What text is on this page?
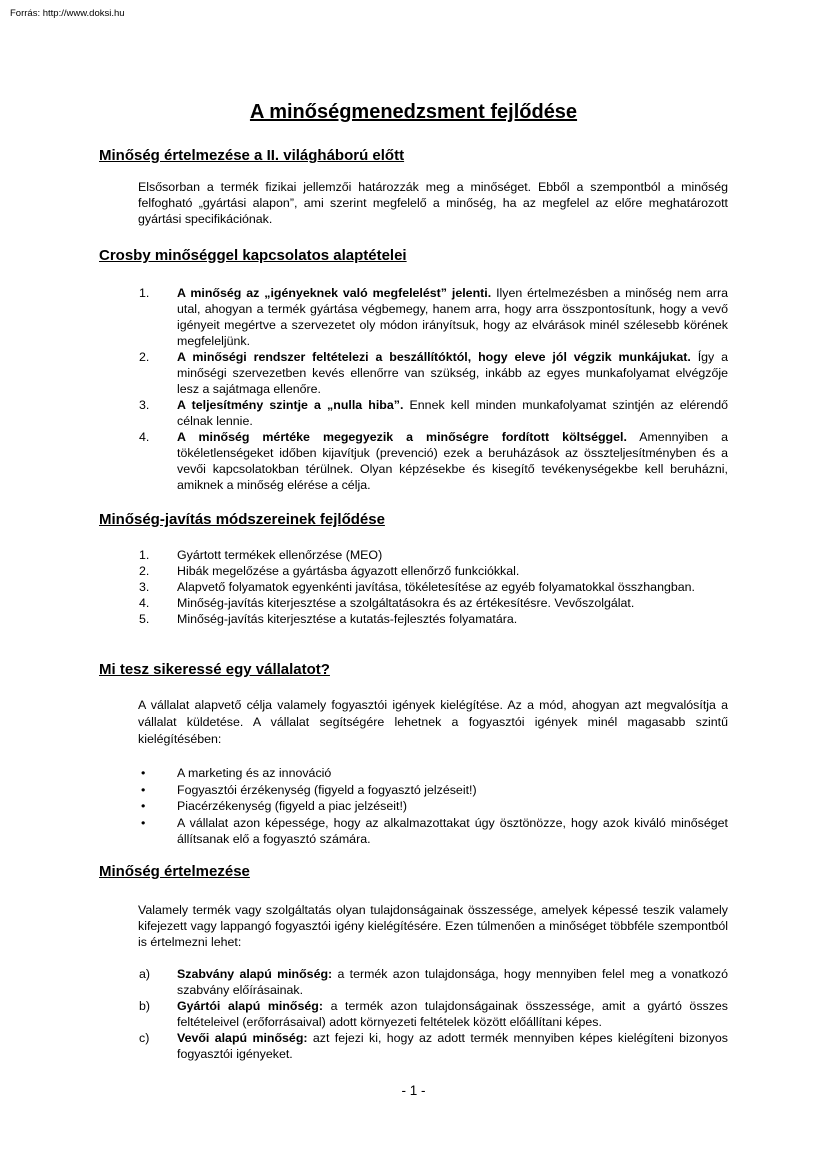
Forrás: http://www.doksi.hu
A minőségmenedzsment fejlődése
Minőség értelmezése a II. világháború előtt

Elsősorban a termék fizikai jellemzői határozzák meg a minőséget. Ebből a szempontból a minőség felfogható „gyártási alapon”, ami szerint megfelelő a minőség, ha az megfelel az előre meghatározott gyártási specifikációnak.

Crosby minőséggel kapcsolatos alaptételei
1. A minőség az „igényeknek való megfelelést” jelenti. Ilyen értelmezésben a minőség nem arra utal, ahogyan a termék gyártása végbemegy, hanem arra, hogy arra összpontosítunk, hogy a vevő igényeit megértve a szervezetet oly módon irányítsuk, hogy az elvárások minél szélesebb körének megfeleljünk.
2. A minőségi rendszer feltételezi a beszállítóktól, hogy eleve jól végzik munkájukat. Így a minőségi szervezetben kevés ellenőrre van szükség, inkább az egyes munkafolyamat elvégzője lesz a sajátmaga ellenőre.
3. A teljesítmény szintje a „nulla hiba”. Ennek kell minden munkafolyamat szintjén az elérendő célnak lennie.
4. A minőség mértéke megegyezik a minőségre fordított költséggel. Amennyiben a tökéletlenségeket időben kijavítjuk (prevenció) ezek a beruházások az összteljesítményben és a vevői kapcsolatokban térülnek. Olyan képzésekbe és kisegítő tevékenységekbe kell beruházni, amiknek a minőség elérése a célja.
Minőség-javítás módszereinek fejlődése
1. Gyártott termékek ellenőrzése (MEO)
2. Hibák megelőzése a gyártásba ágyazott ellenőrző funkciókkal.
3. Alapvető folyamatok egyenkénti javítása, tökéletesítése az egyéb folyamatokkal összhangban.
4. Minőség-javítás kiterjesztése a szolgáltatásokra és az értékesítésre. Vevőszolgálat.
5. Minőség-javítás kiterjesztése a kutatás-fejlesztés folyamatára.
Mi tesz sikeressé egy vállalatot?

A vállalat alapvető célja valamely fogyasztói igények kielégítése. Az a mód, ahogyan azt megvalósítja a vállalat küldetése. A vállalat segítségére lehetnek a fogyasztói igények minél magasabb szintű kielégítésében:

•	A marketing és az innováció
•	Fogyasztói érzékenység (figyeld a fogyasztó jelzéseit!)
•	Piacérzékenység (figyeld a piac jelzéseit!)
•	A vállalat azon képessége, hogy az alkalmazottakat úgy ösztönözze, hogy azok kiváló minőséget állítsanak elő a fogyasztó számára.
Minőség értelmezése

Valamely termék vagy szolgáltatás olyan tulajdonságainak összessége, amelyek képessé teszik valamely kifejezett vagy lappangó fogyasztói igény kielégítésére. Ezen túlmenően a minőséget többféle szempontból is értelmezni lehet:

a) Szabvány alapú minőség: a termék azon tulajdonsága, hogy mennyiben felel meg a vonatkozó szabvány előírásainak.
b) Gyártói alapú minőség: a termék azon tulajdonságainak összessége, amit a gyártó összes feltételeivel (erőforrásaival) adott környezeti feltételek között előállítani képes.
c) Vevői alapú minőség: azt fejezi ki, hogy az adott termék mennyiben képes kielégíteni bizonyos fogyasztói igényeket.
- 1 -
